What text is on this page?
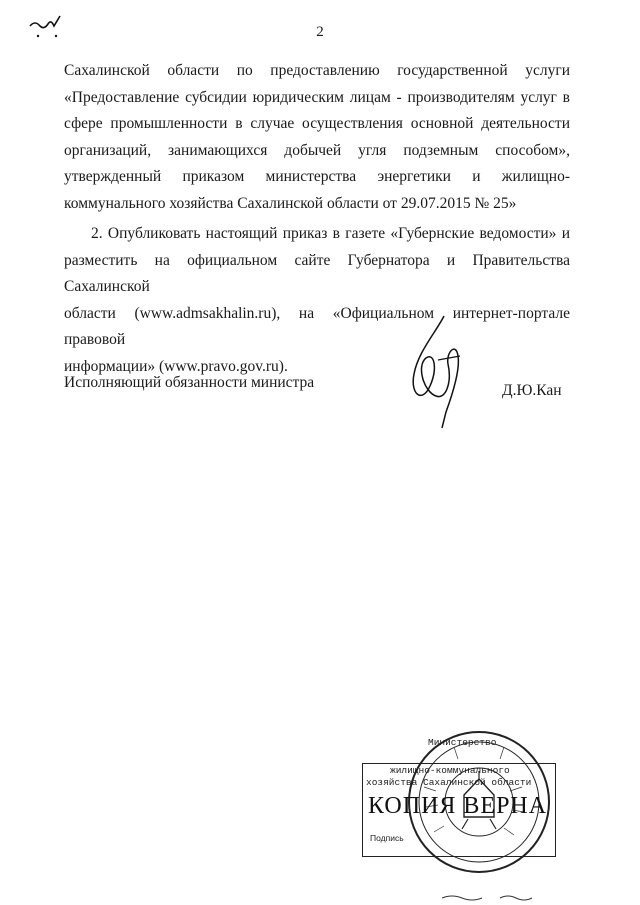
2

Сахалинской области по предоставлению государственной услуги

«Предоставление субсидии юридическим лицам - производителям услуг в

сфере промышленности в случае осуществления основной деятельности

организаций, занимающихся добычей угля подземным способом»,

утвержденный приказом министерства энергетики и жилищно-

коммунального хозяйства Сахалинской области от 29.07.2015 № 25»

2. Опубликовать настоящий приказ в газете «Губернские ведомости» и

разместить на официальном сайте Губернатора и Правительства Сахалинской

области (www.admsakhalin.ru), на «Официальном интернет-портале правовой

информации» (www.pravo.gov.ru).

Исполняющий обязанности министра	Д.Ю.Кан
Министерство
жилищно-коммунального
хозяйства Сахалинской области
КОПИЯ ВЕРНА
Подпись
